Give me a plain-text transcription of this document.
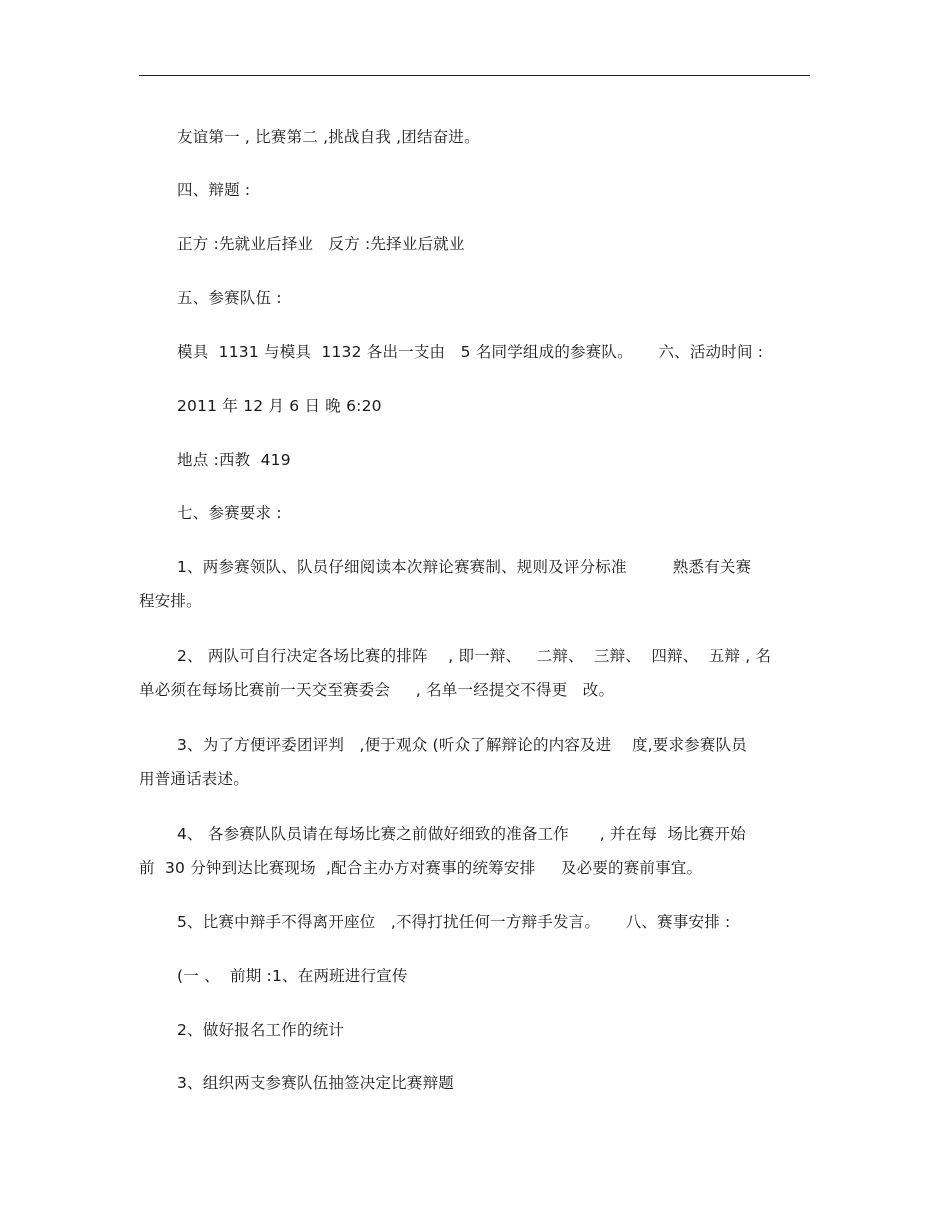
友谊第一 , 比赛第二 ,挑战自我 ,团结奋进。
四、辩题 :
正方 :先就业后择业   反方 :先择业后就业
五、参赛队伍 :
模具  1131 与模具  1132 各出一支由   5 名同学组成的参赛队。     六、活动时间 :
2011 年 12 月 6 日 晚 6:20
地点 :西教  419
七、参赛要求 :
1、两参赛领队、队员仔细阅读本次辩论赛赛制、规则及评分标准         熟悉有关赛
程安排。
2、 两队可自行决定各场比赛的排阵    , 即一辩、   二辩、  三辩、  四辩、  五辩 , 名
单必须在每场比赛前一天交至赛委会     , 名单一经提交不得更   改。
3、为了方便评委团评判   ,便于观众 (听众了解辩论的内容及进    度,要求参赛队员
用普通话表述。
4、 各参赛队队员请在每场比赛之前做好细致的准备工作      , 并在每  场比赛开始
前  30 分钟到达比赛现场  ,配合主办方对赛事的统筹安排     及必要的赛前事宜。
5、比赛中辩手不得离开座位   ,不得打扰任何一方辩手发言。     八、赛事安排 :
(一 、  前期 :1、在两班进行宣传
2、做好报名工作的统计
3、组织两支参赛队伍抽签决定比赛辩题
